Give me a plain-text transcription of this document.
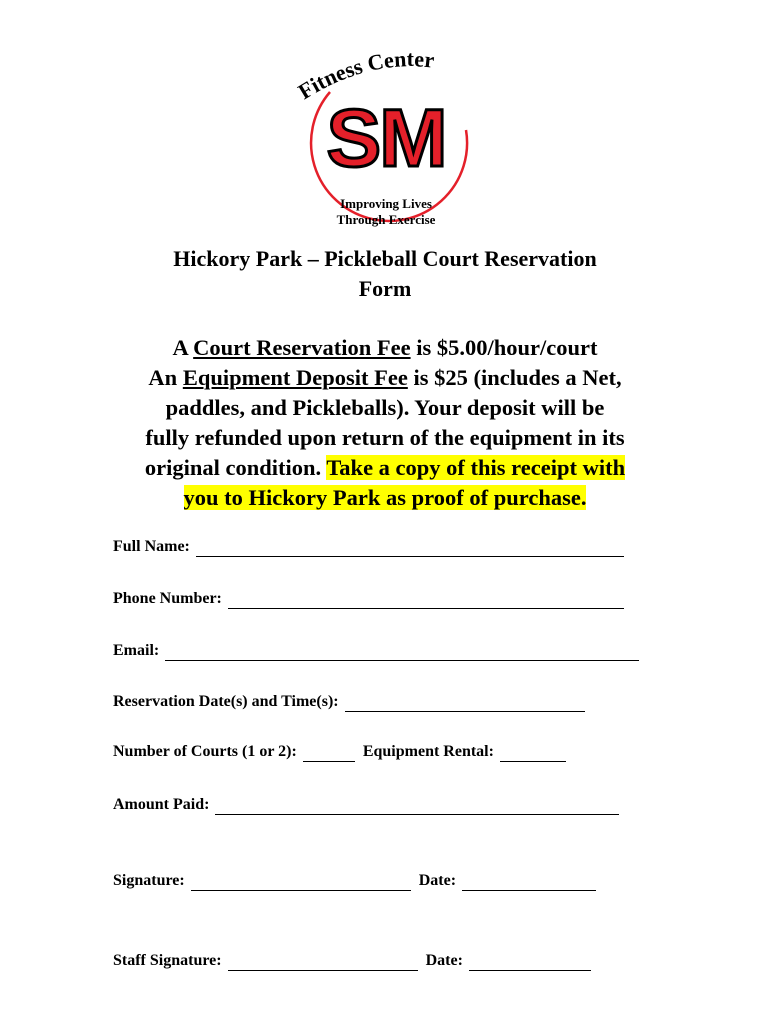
Fitness Center
SM
Improving Lives
Through Exercise
Hickory Park – Pickleball Court Reservation
Form
A Court Reservation Fee is $5.00/hour/court
An Equipment Deposit Fee is $25 (includes a Net,
paddles, and Pickleballs). Your deposit will be
fully refunded upon return of the equipment in its
original condition. Take a copy of this receipt with
you to Hickory Park as proof of purchase.
Full Name:
Phone Number:
Email:
Reservation Date(s) and Time(s):
Number of Courts (1 or 2):	Equipment Rental:
Amount Paid:
Signature:	Date:
Staff Signature:	Date:
